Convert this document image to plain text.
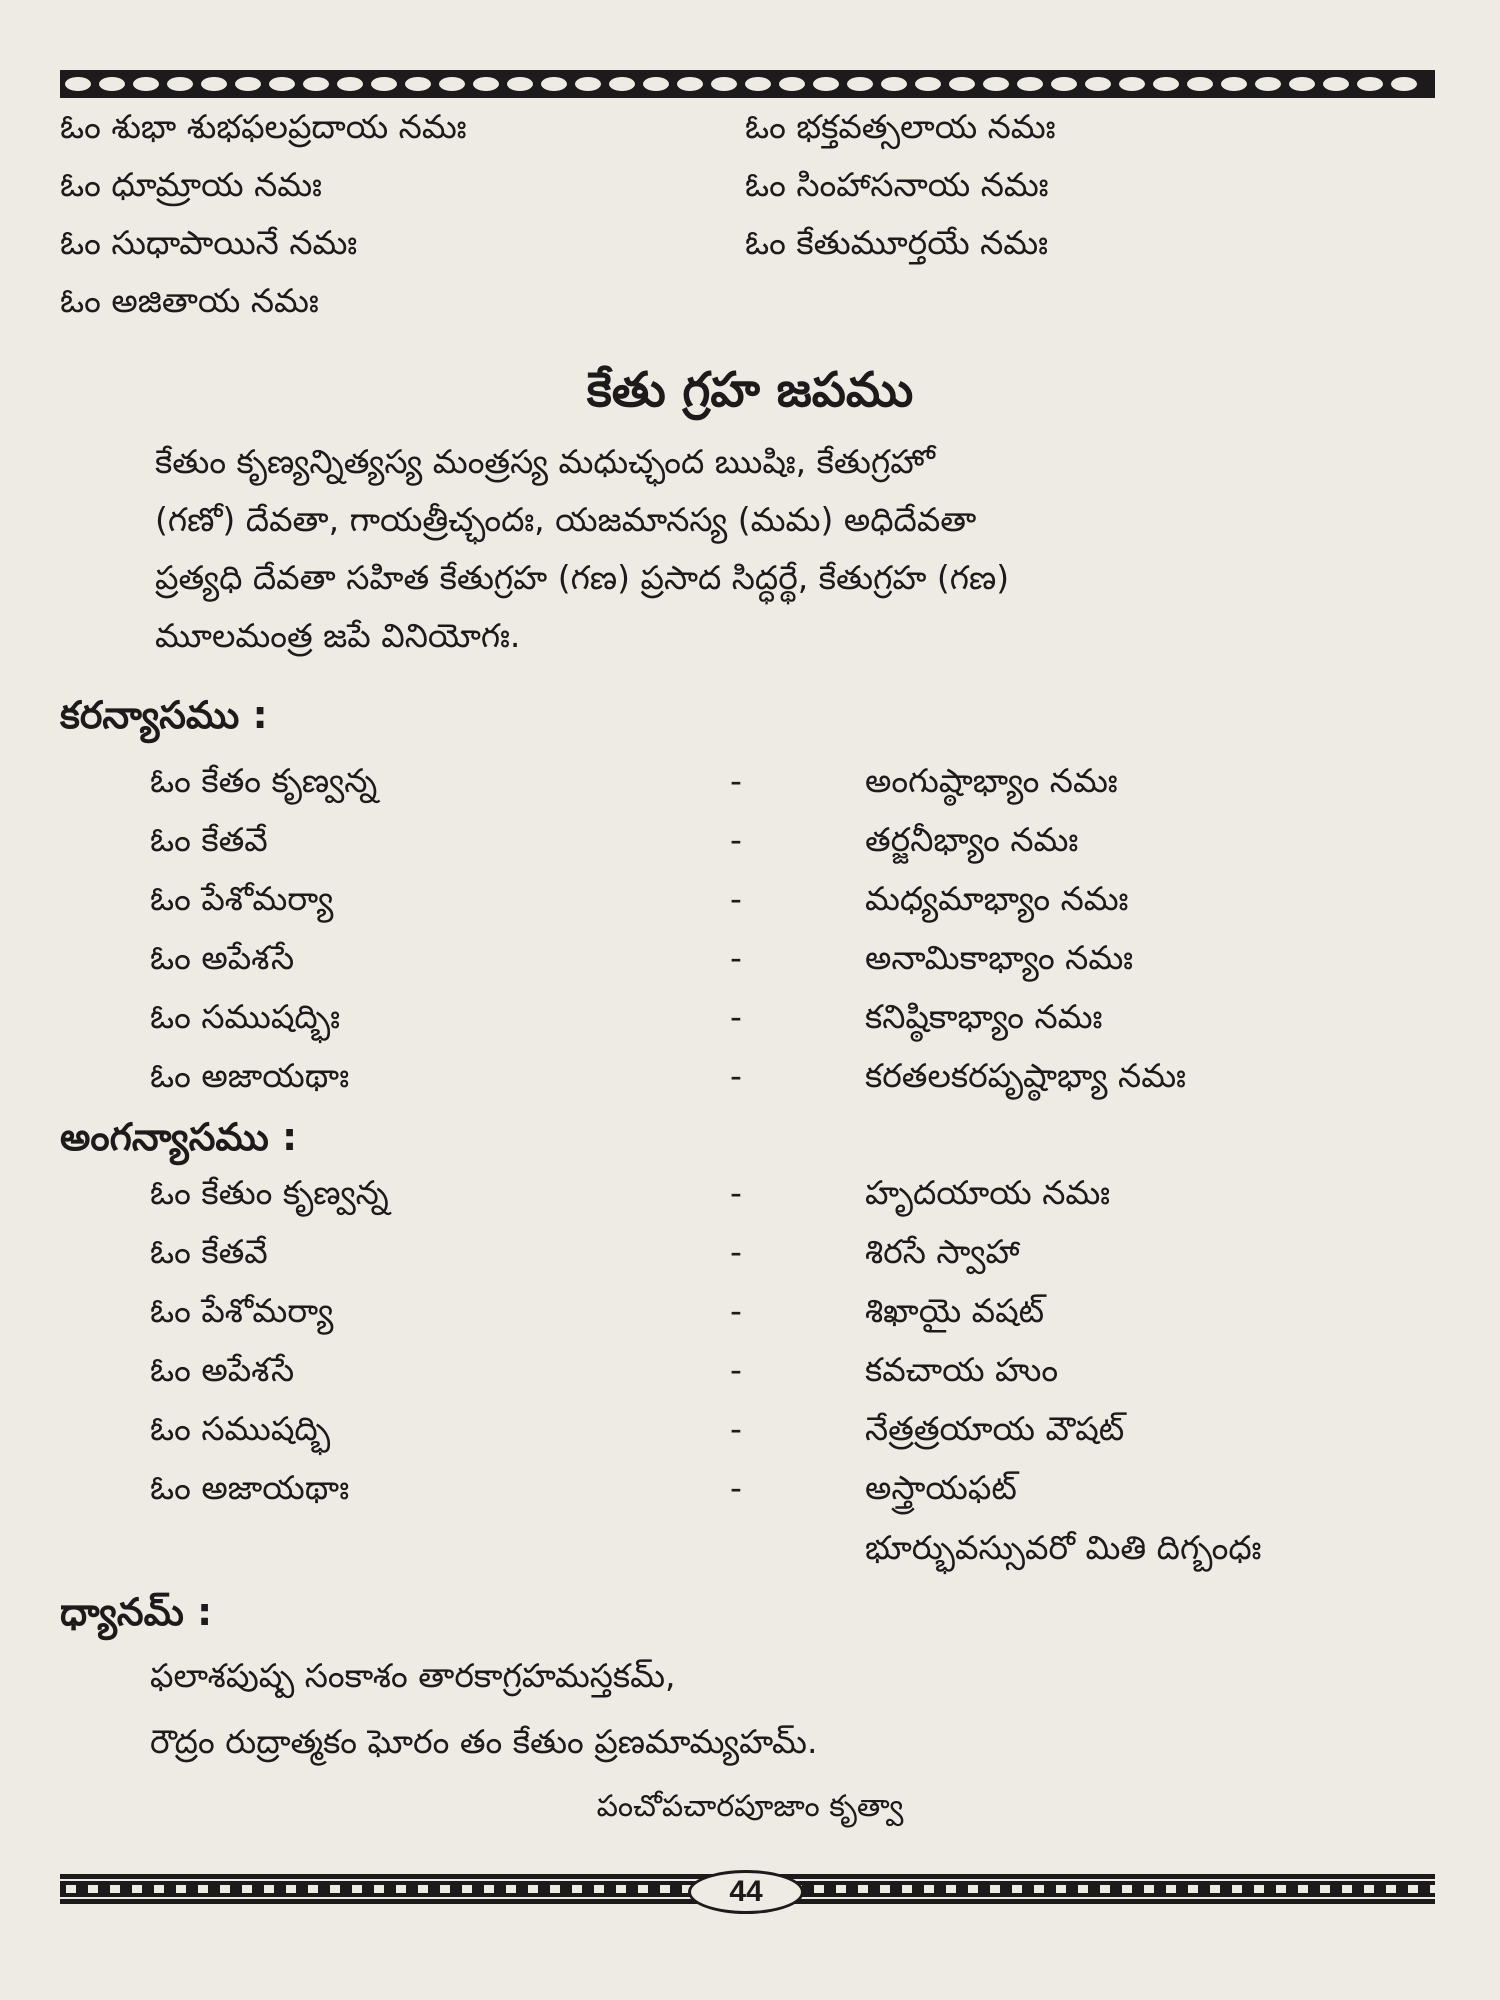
ఓం శుభా శుభఫలప్రదాయ నమః
ఓం ధూమ్రాయ నమః
ఓం సుధాపాయినే నమః
ఓం అజితాయ నమః
ఓం భక్తవత్సలాయ నమః
ఓం సింహాసనాయ నమః
ఓం కేతుమూర్తయే నమః
కేతు గ్రహ జపము
కేతుం కృణ్యన్నిత్యస్య మంత్రస్య మధుచ్ఛంద ఋషిః, కేతుగ్రహో
(గణో) దేవతా, గాయత్రీచ్ఛందః, యజమానస్య (మమ) అధిదేవతా
ప్రత్యధి దేవతా సహిత కేతుగ్రహ (గణ) ప్రసాద సిద్ధర్థే, కేతుగ్రహ (గణ)
మూలమంత్ర జపే వినియోగః.
కరన్యాసము :
ఓం కేతం కృణ్వన్న	-	అంగుష్ఠాభ్యాం నమః
ఓం కేతవే	-	తర్జనీభ్యాం నమః
ఓం పేశోమర్యా	-	మధ్యమాభ్యాం నమః
ఓం అపేశసే	-	అనామికాభ్యాం నమః
ఓం సముషద్భిః	-	కనిష్ఠికాభ్యాం నమః
ఓం అజాయథాః	-	కరతలకరపృష్ఠాభ్యా నమః
అంగన్యాసము :
ఓం కేతుం కృణ్వన్న	-	హృదయాయ నమః
ఓం కేతవే	-	శిరసే స్వాహా
ఓం పేశోమర్యా	-	శిఖాయై వషట్
ఓం అపేశసే	-	కవచాయ హుం
ఓం సముషద్భి	-	నేత్రత్రయాయ వౌషట్
ఓం అజాయథాః	-	అస్త్రాయఫట్
భూర్భువస్సువరో మితి దిగ్బంధః
ధ్యానమ్ :
ఫలాశపుష్ప సంకాశం తారకాగ్రహమస్తకమ్,
రౌద్రం రుద్రాత్మకం ఘోరం తం కేతుం ప్రణమామ్యహమ్.
పంచోపచారపూజాం కృత్వా
44
